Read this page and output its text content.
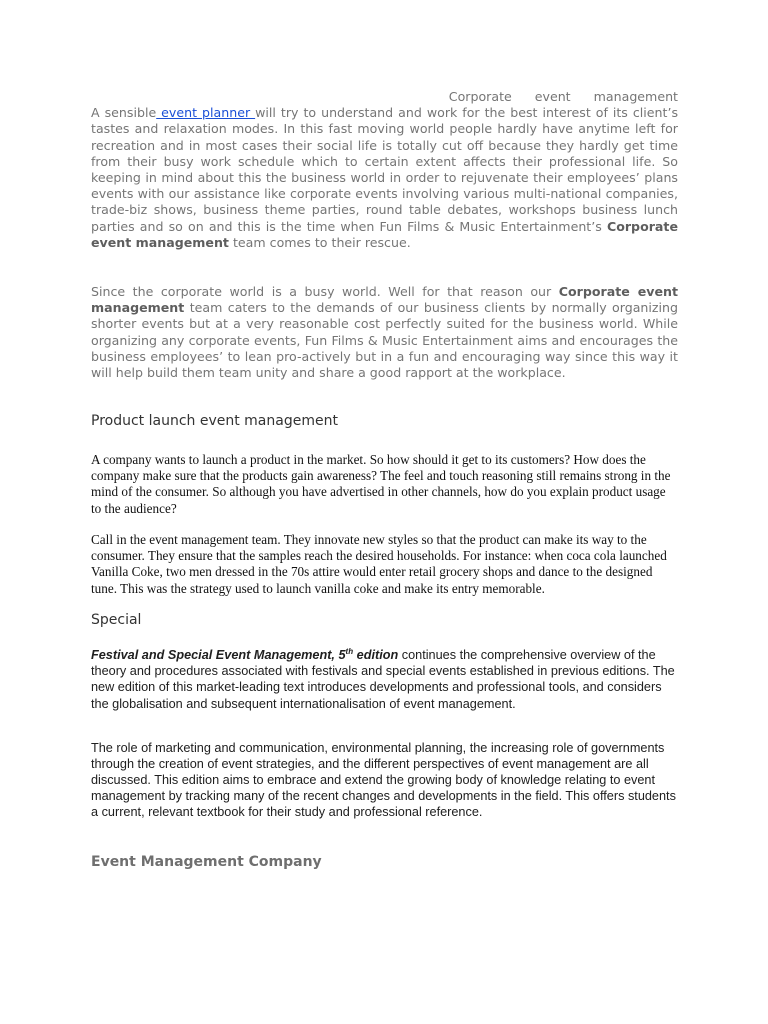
Corporate event management

A sensible event planner will try to understand and work for the best interest of its client’s tastes and relaxation modes. In this fast moving world people hardly have anytime left for recreation and in most cases their social life is totally cut off because they hardly get time from their busy work schedule which to certain extent affects their professional life. So keeping in mind about this the business world in order to rejuvenate their employees’ plans events with our assistance like corporate events involving various multi-national companies, trade-biz shows, business theme parties, round table debates, workshops business lunch parties and so on and this is the time when Fun Films & Music Entertainment’s Corporate event management team comes to their rescue.

Since the corporate world is a busy world. Well for that reason our Corporate event management team caters to the demands of our business clients by normally organizing shorter events but at a very reasonable cost perfectly suited for the business world. While organizing any corporate events, Fun Films & Music Entertainment aims and encourages the business employees’ to lean pro-actively but in a fun and encouraging way since this way it will help build them team unity and share a good rapport at the workplace.

Product launch event management
A company wants to launch a product in the market. So how should it get to its customers? How does the company make sure that the products gain awareness? The feel and touch reasoning still remains strong in the mind of the consumer. So although you have advertised in other channels, how do you explain product usage to the audience?
Call in the event management team. They innovate new styles so that the product can make its way to the consumer. They ensure that the samples reach the desired households. For instance: when coca cola launched Vanilla Coke, two men dressed in the 70s attire would enter retail grocery shops and dance to the designed tune. This was the strategy used to launch vanilla coke and make its entry memorable.
Special

Festival and Special Event Management, 5th edition continues the comprehensive overview of the theory and procedures associated with festivals and special events established in previous editions. The new edition of this market-leading text introduces developments and professional tools, and considers the globalisation and subsequent internationalisation of event management.

The role of marketing and communication, environmental planning, the increasing role of governments through the creation of event strategies, and the different perspectives of event management are all discussed. This edition aims to embrace and extend the growing body of knowledge relating to event management by tracking many of the recent changes and developments in the field. This offers students a current, relevant textbook for their study and professional reference.
Event Management Company
